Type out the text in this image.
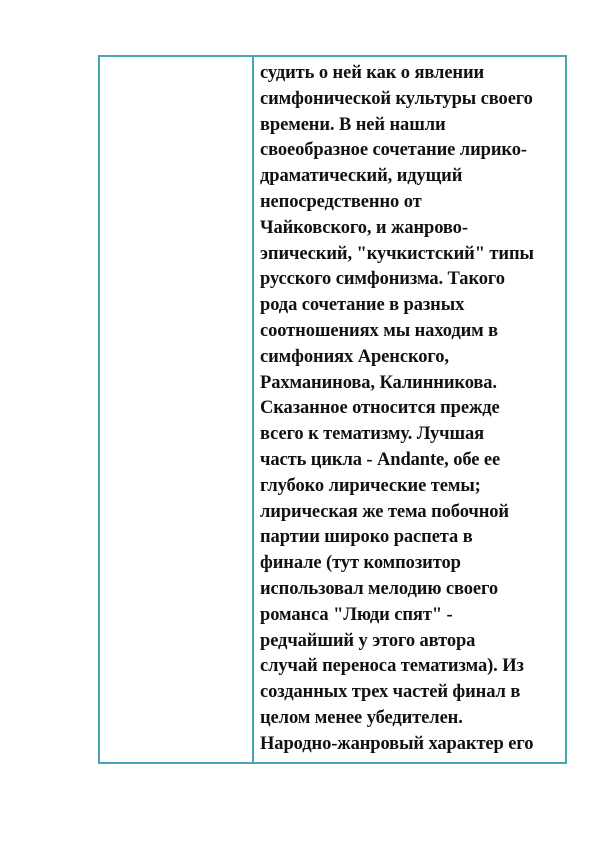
судить о ней как о явлении
симфонической культуры своего
времени. В ней нашли
своеобразное сочетание лирико-
драматический, идущий
непосредственно от
Чайковского, и жанрово-
эпический, "кучкистский" типы
русского симфонизма. Такого
рода сочетание в разных
соотношениях мы находим в
симфониях Аренского,
Рахманинова, Калинникова.
Сказанное относится прежде
всего к тематизму. Лучшая
часть цикла - Andante, обе ее
глубоко лирические темы;
лирическая же тема побочной
партии широко распета в
финале (тут композитор
использовал мелодию своего
романса "Люди спят" -
редчайший у этого автора
случай переноса тематизма). Из
созданных трех частей финал в
целом менее убедителен.
Народно-жанровый характер его
